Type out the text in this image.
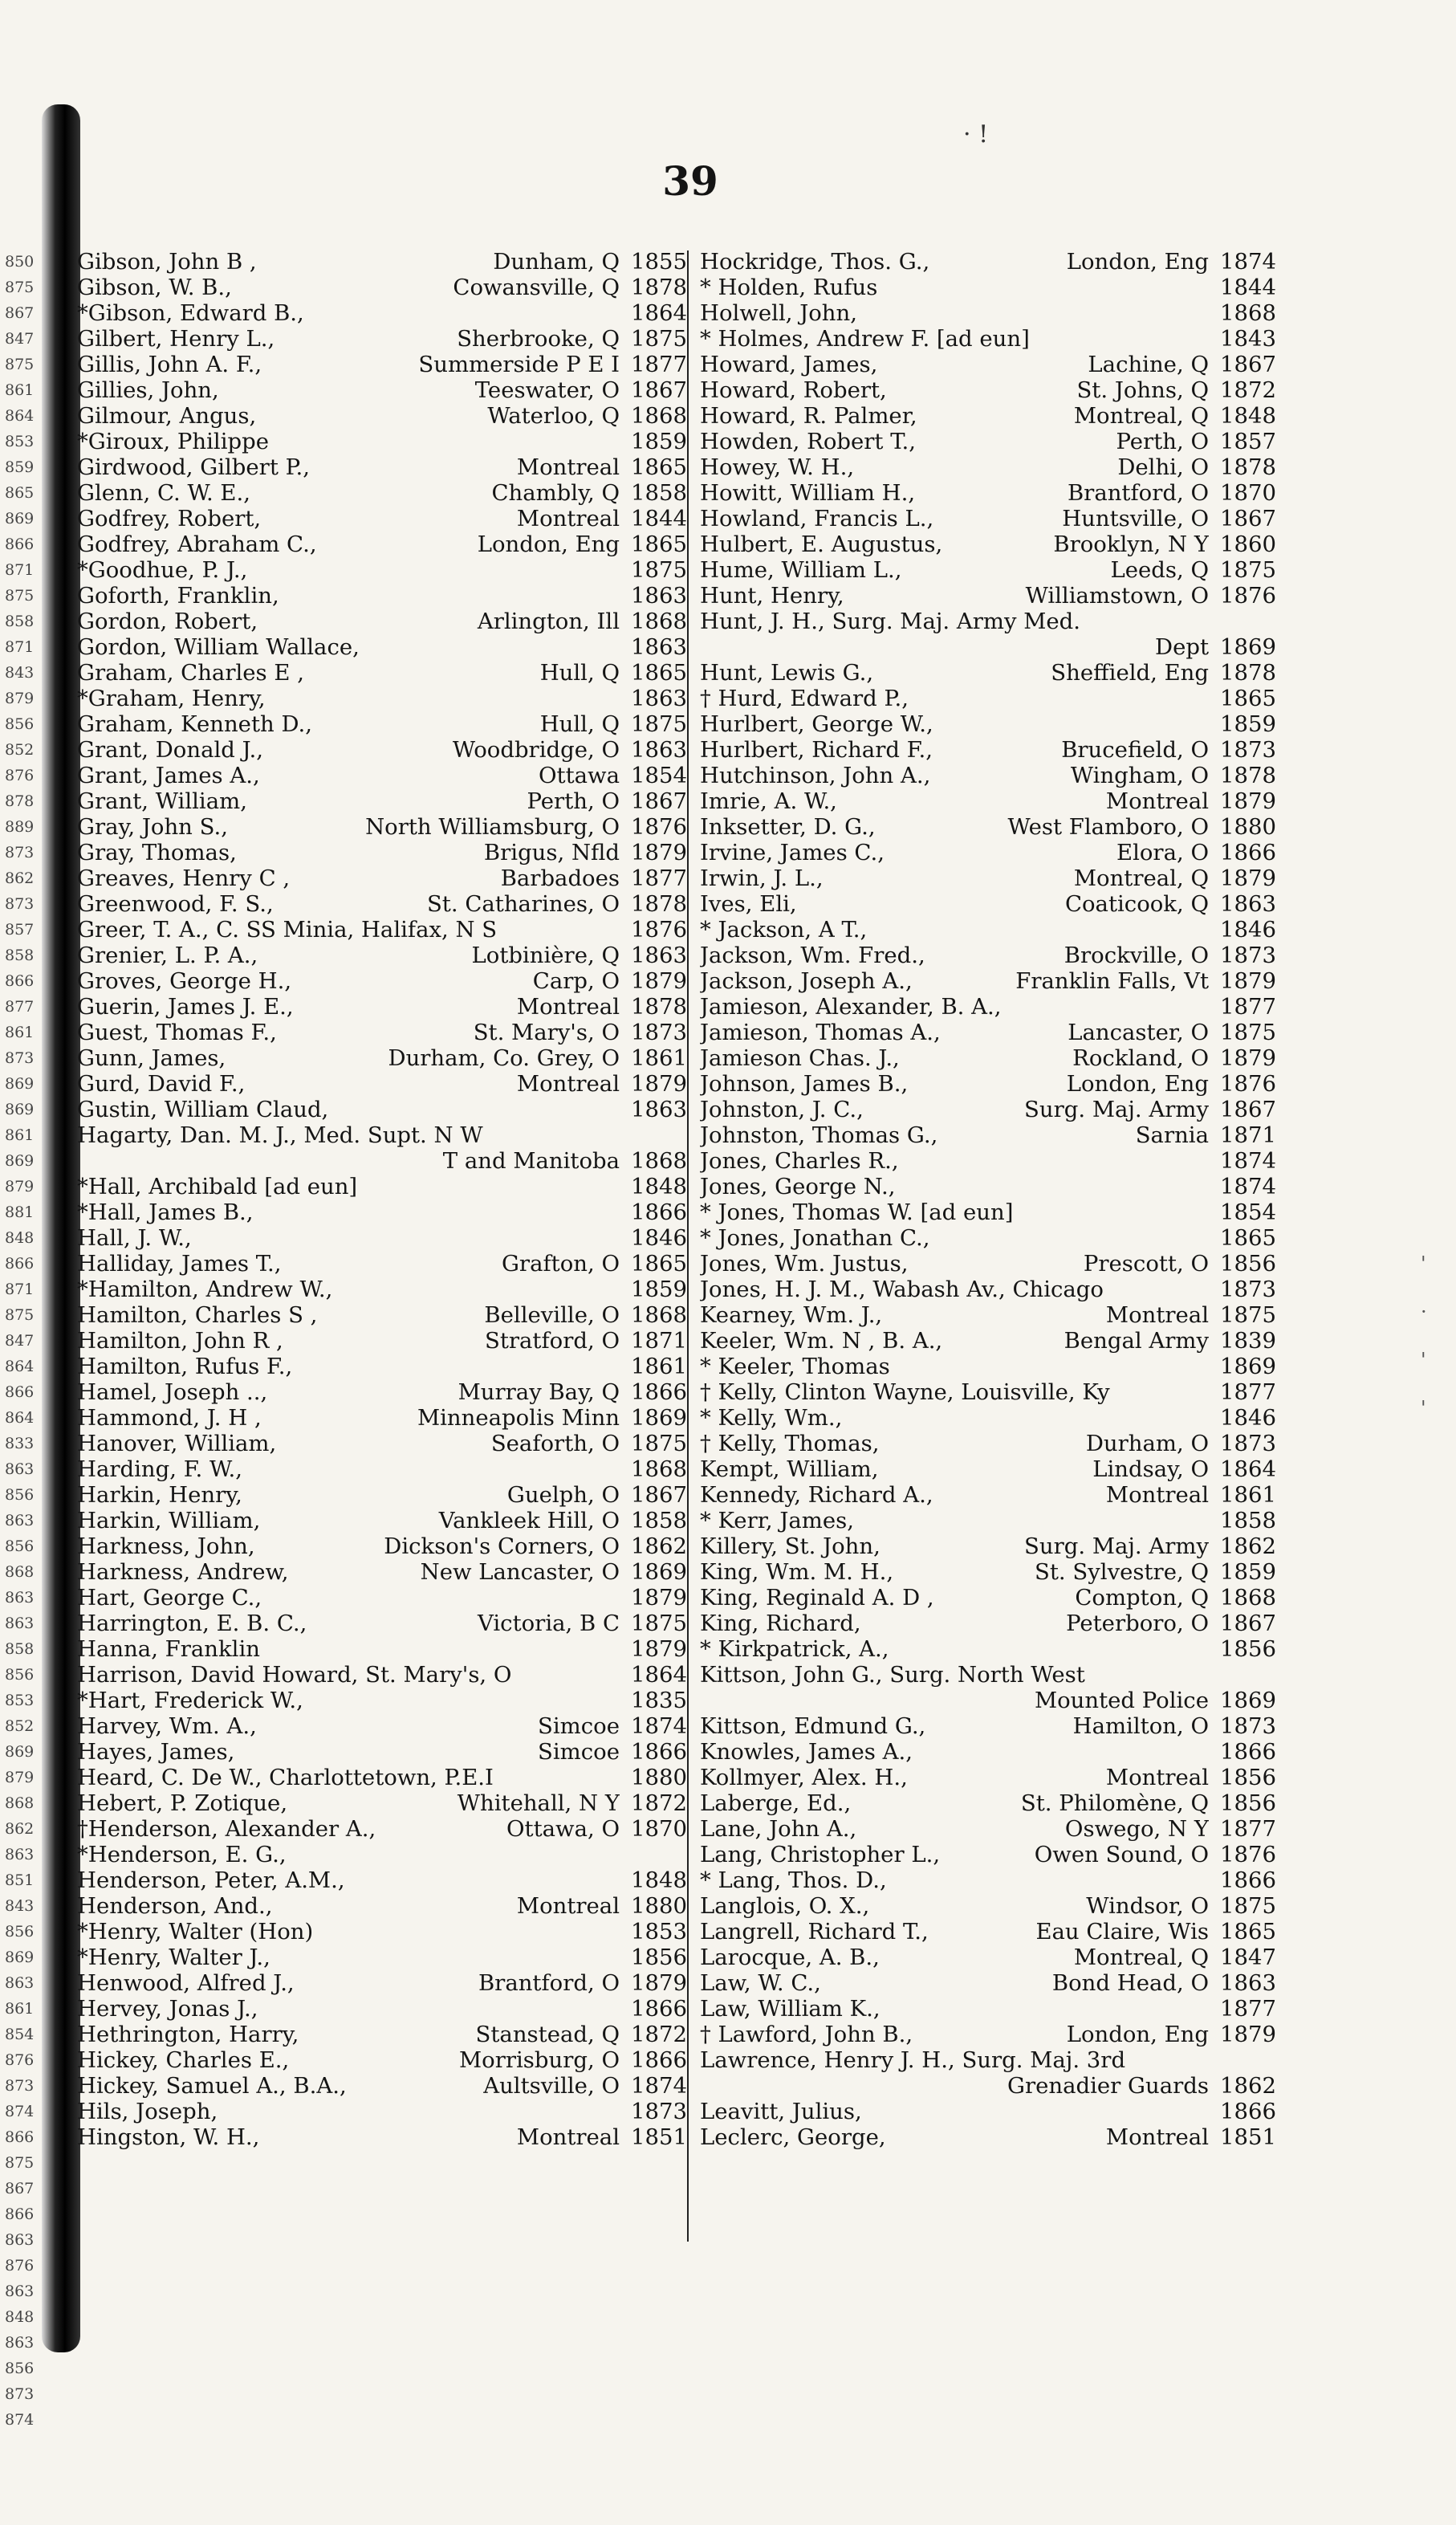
· !
39
850
875
867
847
875
861
864
853
859
865
869
866
871
875
858
871
843
879
856
852
876
878
889
873
862
873
857
858
866
877
861
873
869
869
861
869
879
881
848
866
871
875
847
864
866
864
833
863
856
863
856
868
863
863
858
856
853
852
869
879
868
862
863
851
843
856
869
863
861
854
876
873
874
866
875
867
866
863
876
863
848
863
856
873
874
Gibson, John B ,	Dunham, Q 1855
Gibson, W. B.,	Cowansville, Q 1878
*Gibson, Edward B.,	1864
Gilbert, Henry L.,	Sherbrooke, Q 1875
Gillis, John A. F.,	Summerside P E I 1877
Gillies, John,	Teeswater, O 1867
Gilmour, Angus,	Waterloo, Q 1868
*Giroux, Philippe	1859
Girdwood, Gilbert P.,	Montreal 1865
Glenn, C. W. E.,	Chambly, Q 1858
Godfrey, Robert,	Montreal 1844
Godfrey, Abraham C.,	London, Eng 1865
*Goodhue, P. J.,	1875
Goforth, Franklin,	1863
Gordon, Robert,	Arlington, Ill 1868
Gordon, William Wallace,	1863
Graham, Charles E ,	Hull, Q 1865
*Graham, Henry,	1863
Graham, Kenneth D.,	Hull, Q 1875
Grant, Donald J.,	Woodbridge, O 1863
Grant, James A.,	Ottawa 1854
Grant, William,	Perth, O 1867
Gray, John S.,	North Williamsburg, O 1876
Gray, Thomas,	Brigus, Nfld 1879
Greaves, Henry C ,	Barbadoes 1877
Greenwood, F. S.,	St. Catharines, O 1878
Greer, T. A., C. SS Minia, Halifax, N S	1876
Grenier, L. P. A.,	Lotbinière, Q 1863
Groves, George H.,	Carp, O 1879
Guerin, James J. E.,	Montreal 1878
Guest, Thomas F.,	St. Mary's, O 1873
Gunn, James,	Durham, Co. Grey, O 1861
Gurd, David F.,	Montreal 1879
Gustin, William Claud,	1863
Hagarty, Dan. M. J., Med. Supt. N W
T and Manitoba 1868
*Hall, Archibald [ad eun]	1848
*Hall, James B.,	1866
Hall, J. W.,	1846
Halliday, James T.,	Grafton, O 1865
*Hamilton, Andrew W.,	1859
Hamilton, Charles S ,	Belleville, O 1868
Hamilton, John R ,	Stratford, O 1871
Hamilton, Rufus F.,	1861
Hamel, Joseph ..,	Murray Bay, Q 1866
Hammond, J. H ,	Minneapolis Minn 1869
Hanover, William,	Seaforth, O 1875
Harding, F. W.,	1868
Harkin, Henry,	Guelph, O 1867
Harkin, William,	Vankleek Hill, O 1858
Harkness, John,	Dickson's Corners, O 1862
Harkness, Andrew,	New Lancaster, O 1869
Hart, George C.,	1879
Harrington, E. B. C.,	Victoria, B C 1875
Hanna, Franklin	1879
Harrison, David Howard, St. Mary's, O	1864
*Hart, Frederick W.,	1835
Harvey, Wm. A.,	Simcoe 1874
Hayes, James,	Simcoe 1866
Heard, C. De W., Charlottetown, P.E.I	1880
Hebert, P. Zotique,	Whitehall, N Y 1872
†Henderson, Alexander A.,	Ottawa, O 1870
*Henderson, E. G.,
Henderson, Peter, A.M.,	1848
Henderson, And.,	Montreal 1880
*Henry, Walter (Hon)	1853
*Henry, Walter J.,	1856
Henwood, Alfred J.,	Brantford, O 1879
Hervey, Jonas J.,	1866
Hethrington, Harry,	Stanstead, Q 1872
Hickey, Charles E.,	Morrisburg, O 1866
Hickey, Samuel A., B.A.,	Aultsville, O 1874
Hils, Joseph,	1873
Hingston, W. H.,	Montreal 1851
Hockridge, Thos. G.,	London, Eng 1874
* Holden, Rufus	1844
Holwell, John,	1868
* Holmes, Andrew F. [ad eun]	1843
Howard, James,	Lachine, Q 1867
Howard, Robert,	St. Johns, Q 1872
Howard, R. Palmer,	Montreal, Q 1848
Howden, Robert T.,	Perth, O 1857
Howey, W. H.,	Delhi, O 1878
Howitt, William H.,	Brantford, O 1870
Howland, Francis L.,	Huntsville, O 1867
Hulbert, E. Augustus,	Brooklyn, N Y 1860
Hume, William L.,	Leeds, Q 1875
Hunt, Henry,	Williamstown, O 1876
Hunt, J. H., Surg. Maj. Army Med.
Dept 1869
Hunt, Lewis G.,	Sheffield, Eng 1878
† Hurd, Edward P.,	1865
Hurlbert, George W.,	1859
Hurlbert, Richard F.,	Brucefield, O 1873
Hutchinson, John A.,	Wingham, O 1878
Imrie, A. W.,	Montreal 1879
Inksetter, D. G.,	West Flamboro, O 1880
Irvine, James C.,	Elora, O 1866
Irwin, J. L.,	Montreal, Q 1879
Ives, Eli,	Coaticook, Q 1863
* Jackson, A T.,	1846
Jackson, Wm. Fred.,	Brockville, O 1873
Jackson, Joseph A.,	Franklin Falls, Vt 1879
Jamieson, Alexander, B. A.,	1877
Jamieson, Thomas A.,	Lancaster, O 1875
Jamieson Chas. J.,	Rockland, O 1879
Johnson, James B.,	London, Eng 1876
Johnston, J. C.,	Surg. Maj. Army 1867
Johnston, Thomas G.,	Sarnia 1871
Jones, Charles R.,	1874
Jones, George N.,	1874
* Jones, Thomas W. [ad eun]	1854
* Jones, Jonathan C.,	1865
Jones, Wm. Justus,	Prescott, O 1856
Jones, H. J. M., Wabash Av., Chicago	1873
Kearney, Wm. J.,	Montreal 1875
Keeler, Wm. N , B. A.,	Bengal Army 1839
* Keeler, Thomas	1869
† Kelly, Clinton Wayne, Louisville, Ky	1877
* Kelly, Wm.,	1846
† Kelly, Thomas,	Durham, O 1873
Kempt, William,	Lindsay, O 1864
Kennedy, Richard A.,	Montreal 1861
* Kerr, James,	1858
Killery, St. John,	Surg. Maj. Army 1862
King, Wm. M. H.,	St. Sylvestre, Q 1859
King, Reginald A. D ,	Compton, Q 1868
King, Richard,	Peterboro, O 1867
* Kirkpatrick, A.,	1856
Kittson, John G., Surg. North West
Mounted Police 1869
Kittson, Edmund G.,	Hamilton, O 1873
Knowles, James A.,	1866
Kollmyer, Alex. H.,	Montreal 1856
Laberge, Ed.,	St. Philomène, Q 1856
Lane, John A.,	Oswego, N Y 1877
Lang, Christopher L.,	Owen Sound, O 1876
* Lang, Thos. D.,	1866
Langlois, O. X.,	Windsor, O 1875
Langrell, Richard T.,	Eau Claire, Wis 1865
Larocque, A. B.,	Montreal, Q 1847
Law, W. C.,	Bond Head, O 1863
Law, William K.,	1877
† Lawford, John B.,	London, Eng 1879
Lawrence, Henry J. H., Surg. Maj. 3rd
Grenadier Guards 1862
Leavitt, Julius,	1866
Leclerc, George,	Montreal 1851
'
·
'
'
